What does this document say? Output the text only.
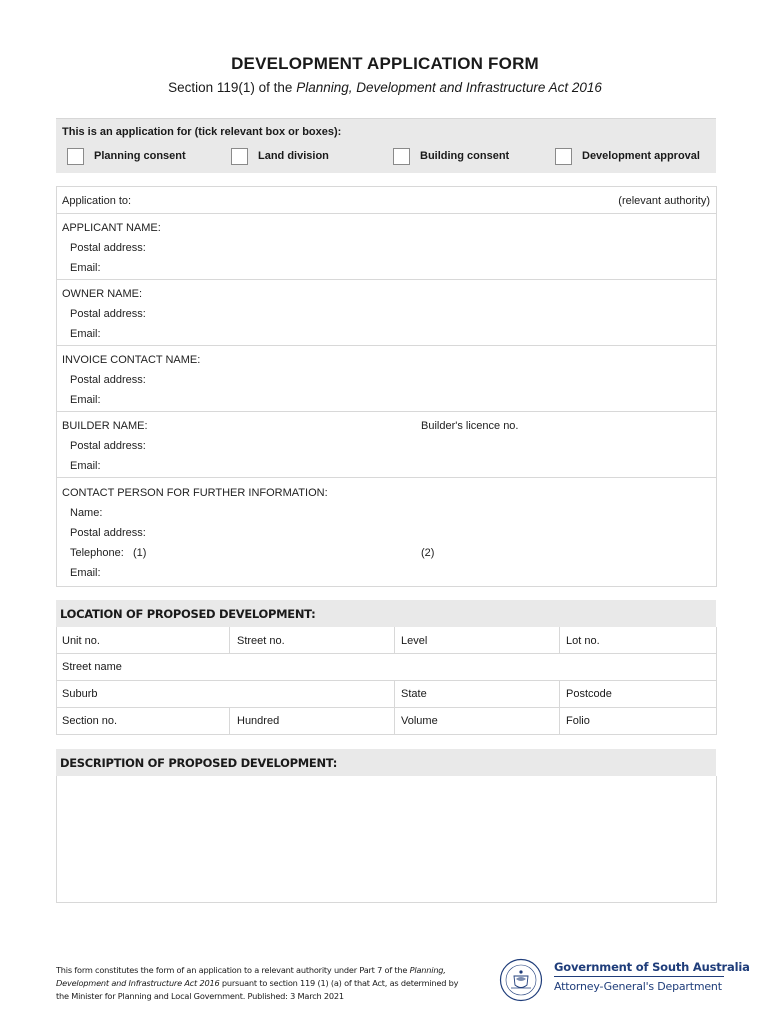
DEVELOPMENT APPLICATION FORM
Section 119(1) of the Planning, Development and Infrastructure Act 2016
This is an application for (tick relevant box or boxes):
Planning consent	Land division	Building consent	Development approval
Application to:	(relevant authority)
APPLICANT NAME:
Postal address:
Email:
OWNER NAME:
Postal address:
Email:
INVOICE CONTACT NAME:
Postal address:
Email:
BUILDER NAME:	Builder's licence no.
Postal address:
Email:
CONTACT PERSON FOR FURTHER INFORMATION:
Name:
Postal address:
Telephone:   (1)	(2)
Email:
LOCATION OF PROPOSED DEVELOPMENT:
Unit no.	Street no.	Level	Lot no.
Street name
Suburb	State	Postcode
Section no.	Hundred	Volume	Folio
DESCRIPTION OF PROPOSED DEVELOPMENT:
This form constitutes the form of an application to a relevant authority under Part 7 of the Planning,
Development and Infrastructure Act 2016 pursuant to section 119 (1) (a) of that Act, as determined by
the Minister for Planning and Local Government. Published: 3 March 2021
Government of South Australia
Attorney-General's Department
